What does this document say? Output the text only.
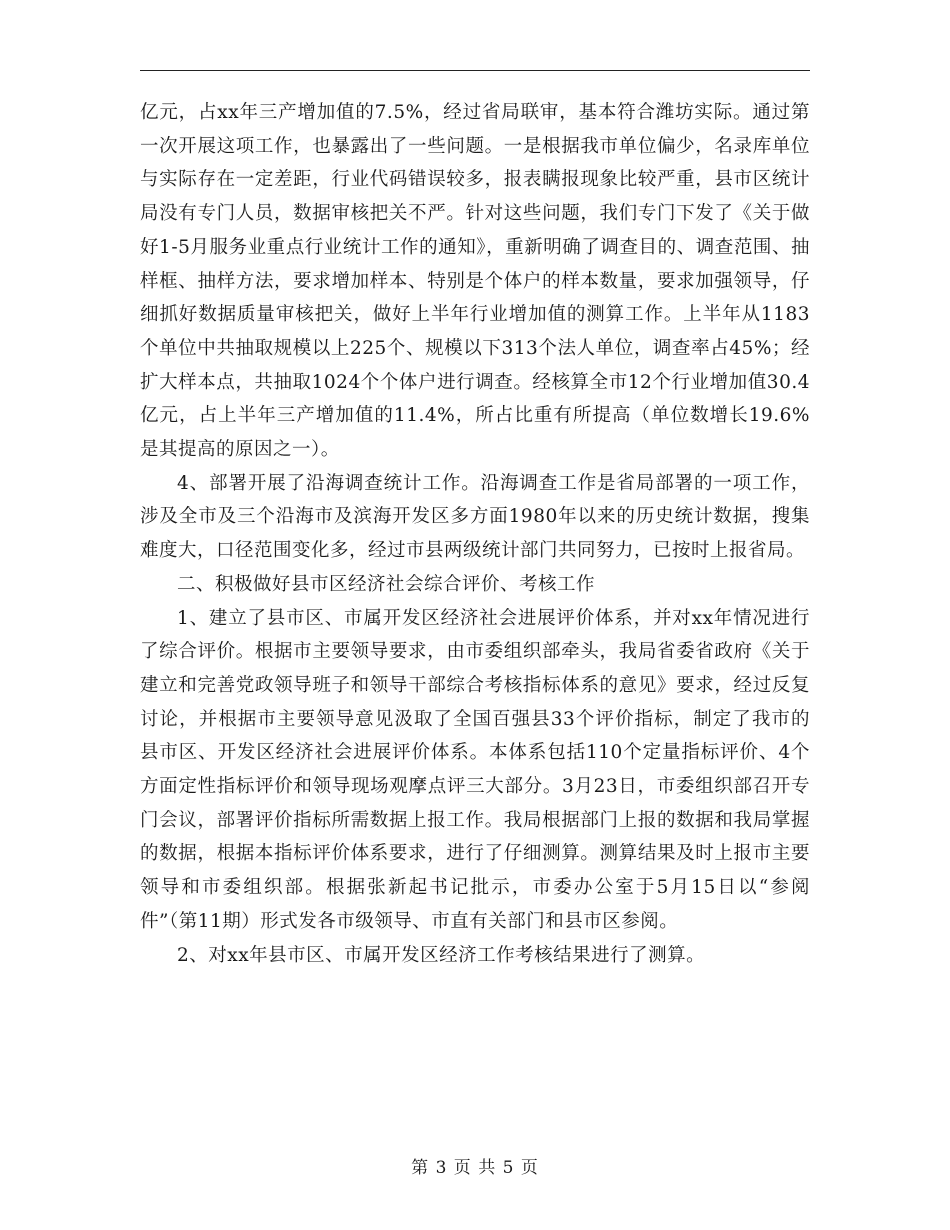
亿元，占xx年三产增加值的7.5%，经过省局联审，基本符合潍坊实际。通过第一次开展这项工作，也暴露出了一些问题。一是根据我市单位偏少，名录库单位与实际存在一定差距，行业代码错误较多，报表瞒报现象比较严重，县市区统计局没有专门人员，数据审核把关不严。针对这些问题，我们专门下发了《关于做好1-5月服务业重点行业统计工作的通知》，重新明确了调查目的、调查范围、抽样框、抽样方法，要求增加样本、特别是个体户的样本数量，要求加强领导，仔细抓好数据质量审核把关，做好上半年行业增加值的测算工作。上半年从1183个单位中共抽取规模以上225个、规模以下313个法人单位，调查率占45%；经扩大样本点，共抽取1024个个体户进行调查。经核算全市12个行业增加值30.4亿元，占上半年三产增加值的11.4%，所占比重有所提高（单位数增长19.6%是其提高的原因之一）。

4、部署开展了沿海调查统计工作。沿海调查工作是省局部署的一项工作，涉及全市及三个沿海市及滨海开发区多方面1980年以来的历史统计数据，搜集难度大，口径范围变化多，经过市县两级统计部门共同努力，已按时上报省局。

二、积极做好县市区经济社会综合评价、考核工作

1、建立了县市区、市属开发区经济社会进展评价体系，并对xx年情况进行了综合评价。根据市主要领导要求，由市委组织部牵头，我局省委省政府《关于建立和完善党政领导班子和领导干部综合考核指标体系的意见》要求，经过反复讨论，并根据市主要领导意见汲取了全国百强县33个评价指标，制定了我市的县市区、开发区经济社会进展评价体系。本体系包括110个定量指标评价、4个方面定性指标评价和领导现场观摩点评三大部分。3月23日，市委组织部召开专门会议，部署评价指标所需数据上报工作。我局根据部门上报的数据和我局掌握的数据，根据本指标评价体系要求，进行了仔细测算。测算结果及时上报市主要领导和市委组织部。根据张新起书记批示，市委办公室于5月15日以“参阅件”（第11期）形式发各市级领导、市直有关部门和县市区参阅。

2、对xx年县市区、市属开发区经济工作考核结果进行了测算。

第 3 页 共 5 页
